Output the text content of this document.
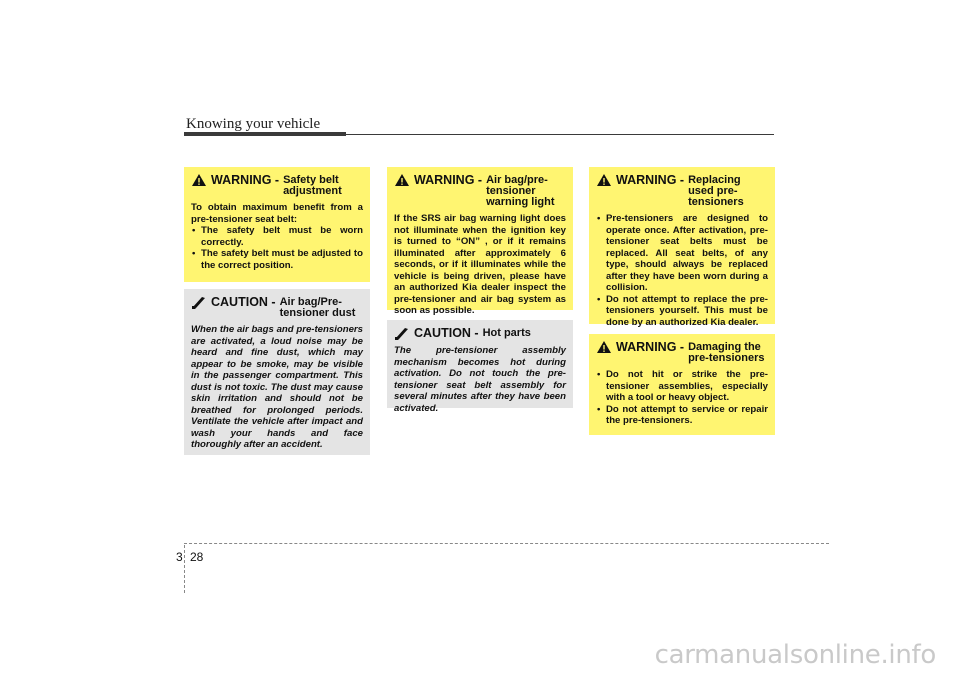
Knowing your vehicle
WARNING - Safety belt adjustment
To obtain maximum benefit from a pre-tensioner seat belt:
• The safety belt must be worn correctly.
• The safety belt must be adjusted to the correct position.
CAUTION - Air bag/Pre-tensioner dust
When the air bags and pre-tensioners are activated, a loud noise may be heard and fine dust, which may appear to be smoke, may be visible in the passenger compartment. This dust is not toxic. The dust may cause skin irritation and should not be breathed for prolonged periods. Ventilate the vehicle after impact and wash your hands and face thoroughly after an accident.
WARNING - Air bag/pre-tensioner warning light
If the SRS air bag warning light does not illuminate when the ignition key is turned to “ON” , or if it remains illuminated after approximately 6 seconds, or if it illuminates while the vehicle is being driven, please have an authorized Kia dealer inspect the pre-tensioner and air bag system as soon as possible.
CAUTION - Hot parts
The pre-tensioner assembly mechanism becomes hot during activation. Do not touch the pre-tensioner seat belt assembly for several minutes after they have been activated.
WARNING - Replacing used pre-tensioners
• Pre-tensioners are designed to operate once. After activation, pre-tensioner seat belts must be replaced. All seat belts, of any type, should always be replaced after they have been worn during a collision.
• Do not attempt to replace the pre-tensioners yourself. This must be done by an authorized Kia dealer.
WARNING - Damaging the pre-tensioners
• Do not hit or strike the pre-tensioner assemblies, especially with a tool or heavy object.
• Do not attempt to service or repair the pre-tensioners.
3 28
carmanualsonline.info
